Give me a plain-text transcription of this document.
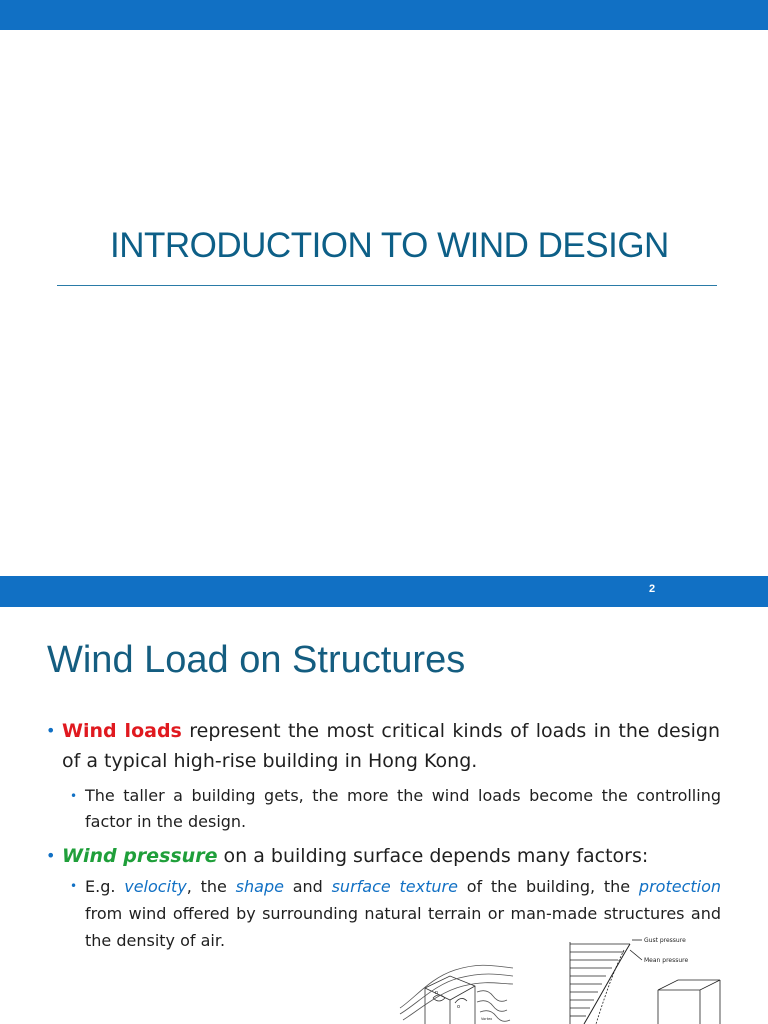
INTRODUCTION TO WIND DESIGN
2
Wind Load on Structures
• Wind loads represent the most critical kinds of loads in the design of a typical high-rise building in Hong Kong.
• The taller a building gets, the more the wind loads become the controlling factor in the design.
• Wind pressure on a building surface depends many factors:
• E.g. velocity, the shape and surface texture of the building, the protection from wind offered by surrounding natural terrain or man-made structures and the density of air.
n
o
Vortex
Gust pressure
Mean pressure
